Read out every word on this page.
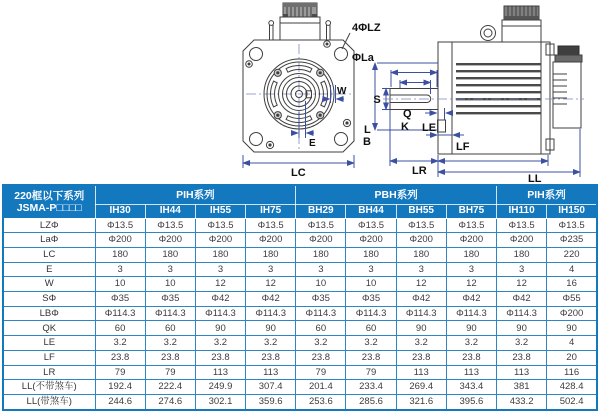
4ΦLZ
W
E
LC
ΦLa
L
B
S
Q
K LE
LF
LR
LL
220框以下系列
JSMA-P□□□□	PIH系列				PBH系列				PIH系列	
	IH30	IH44	IH55	IH75	BH29	BH44	BH55	BH75	IH110	IH150
LZΦ	Φ13.5	Φ13.5	Φ13.5	Φ13.5	Φ13.5	Φ13.5	Φ13.5	Φ13.5	Φ13.5	Φ13.5
LaΦ	Φ200	Φ200	Φ200	Φ200	Φ200	Φ200	Φ200	Φ200	Φ200	Φ235
LC	180	180	180	180	180	180	180	180	180	220
E	3	3	3	3	3	3	3	3	3	4
W	10	10	12	12	10	10	12	12	12	16
SΦ	Φ35	Φ35	Φ42	Φ42	Φ35	Φ35	Φ42	Φ42	Φ42	Φ55
LBΦ	Φ114.3	Φ114.3	Φ114.3	Φ114.3	Φ114.3	Φ114.3	Φ114.3	Φ114.3	Φ114.3	Φ200
QK	60	60	90	90	60	60	90	90	90	90
LE	3.2	3.2	3.2	3.2	3.2	3.2	3.2	3.2	3.2	4
LF	23.8	23.8	23.8	23.8	23.8	23.8	23.8	23.8	23.8	20
LR	79	79	113	113	79	79	113	113	113	116
LL(不带煞车)	192.4	222.4	249.9	307.4	201.4	233.4	269.4	343.4	381	428.4
LL(带煞车)	244.6	274.6	302.1	359.6	253.6	285.6	321.6	395.6	433.2	502.4
